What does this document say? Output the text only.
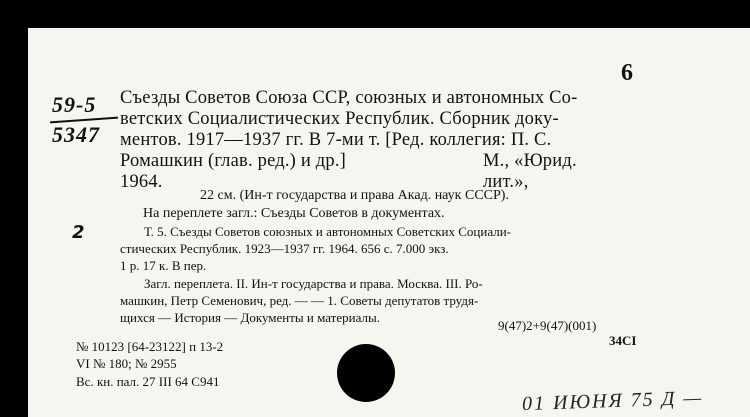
6
59-5
5347
Съезды Советов Союза ССР, союзных и автономных Со-
ветских Социалистических Республик. Сборник доку-
ментов. 1917—1937 гг. В 7-ми т. [Ред. коллегия: П. С.
Ромашкин (глав. ред.) и др.]	М., «Юрид. лит.»,
1964.
22 см. (Ин-т государства и права Акад. наук СССР).
На переплете загл.: Съезды Советов в документах.
2	Т. 5. Съезды Советов союзных и автономных Советских Социали-
стических Республик. 1923—1937 гг. 1964. 656 с. 7.000 экз.
1 р. 17 к. В пер.
Загл. переплета. II. Ин-т государства и права. Москва. III. Ро-
машкин, Петр Семенович, ред. — — 1. Советы депутатов трудя-
щихся — История — Документы и материалы.
9(47)2+9(47)(001)
34СI
№ 10123 [64-23122] п 13-2
VI № 180; № 2955
Вс. кн. пал. 27 III 64 C941
01 ИЮНЯ 75 Д —
